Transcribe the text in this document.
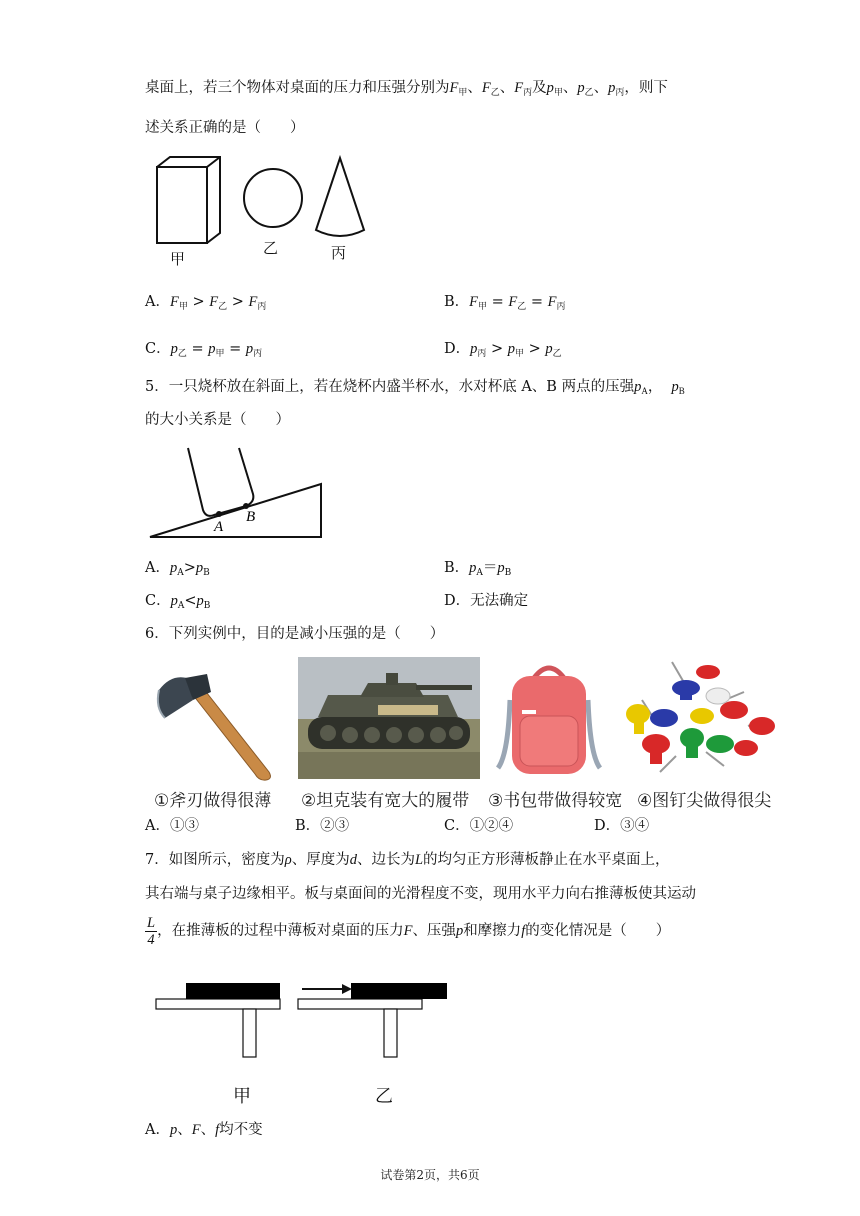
桌面上，若三个物体对桌面的压力和压强分别为$F_甲$、$F_乙$、$F_丙$及$p_甲$、$p_乙$、$p_丙$，则下
述关系正确的是（　　）
甲
乙	丙
A．$F_甲 > F_乙 > F_丙$	B．$F_甲 = F_乙 = F_丙$
C．$p_乙 = p_甲 = p_丙$	D．$p_丙 > p_甲 > p_乙$
5．一只烧杯放在斜面上，若在烧杯内盛半杯水，水对杯底 A、B 两点的压强$p_A$，  $p_B$
的大小关系是（　　）
A
B
A．$p_A>p_B$	B．$p_A=p_B$
C．$p_A<p_B$	D．无法确定
6．下列实例中，目的是减小压强的是（　　）
①斧刃做得很薄 ②坦克装有宽大的履带 ③书包带做得较宽 ④图钉尖做得很尖
A．①③	B．②③	C．①②④	D．③④
7．如图所示，密度为ρ、厚度为d、边长为L的均匀正方形薄板静止在水平桌面上，
其右端与桌子边缘相平。板与桌面间的光滑程度不变，现用水平力向右推薄板使其运动
$\frac{L}{4}$ ，在推薄板的过程中薄板对桌面的压力F、压强p和摩擦力f的变化情况是（　　）
甲	乙
A．p、F、f均不变
试卷第2页，共6页
